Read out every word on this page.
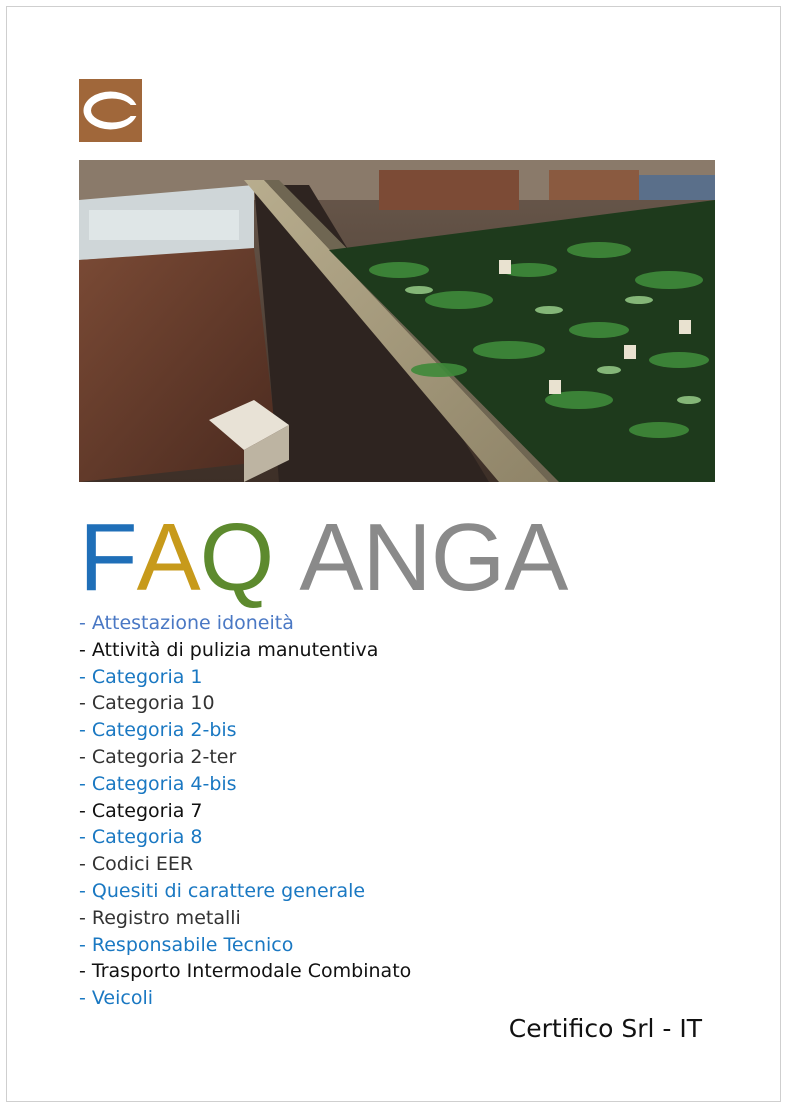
FAQ ANGA
- Attestazione idoneità
- Attività di pulizia manutentiva
- Categoria 1
- Categoria 10
- Categoria 2-bis
- Categoria 2-ter
- Categoria 4-bis
- Categoria 7
- Categoria 8
- Codici EER
- Quesiti di carattere generale
- Registro metalli
- Responsabile Tecnico
- Trasporto Intermodale Combinato
- Veicoli
Certifico Srl - IT
